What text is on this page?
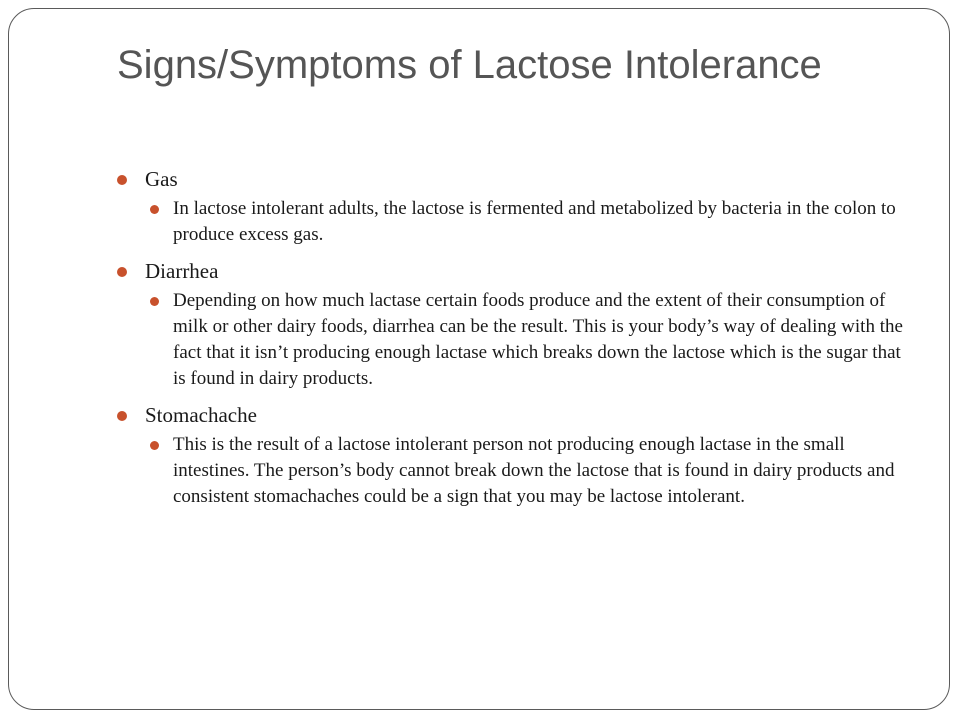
Signs/Symptoms of Lactose Intolerance
Gas
In lactose intolerant adults, the lactose is fermented and metabolized by bacteria in the colon to produce excess gas.
Diarrhea
Depending on how much lactase certain foods produce and the extent of their consumption of milk or other dairy foods, diarrhea can be the result. This is your body’s way of dealing with the fact that it isn’t producing enough lactase which breaks down the lactose which is the sugar that is found in dairy products.
Stomachache
This is the result of a lactose intolerant person not producing enough lactase in the small intestines. The person’s body cannot break down the lactose that is found in dairy products and consistent stomachaches could be a sign that you may be lactose intolerant.
